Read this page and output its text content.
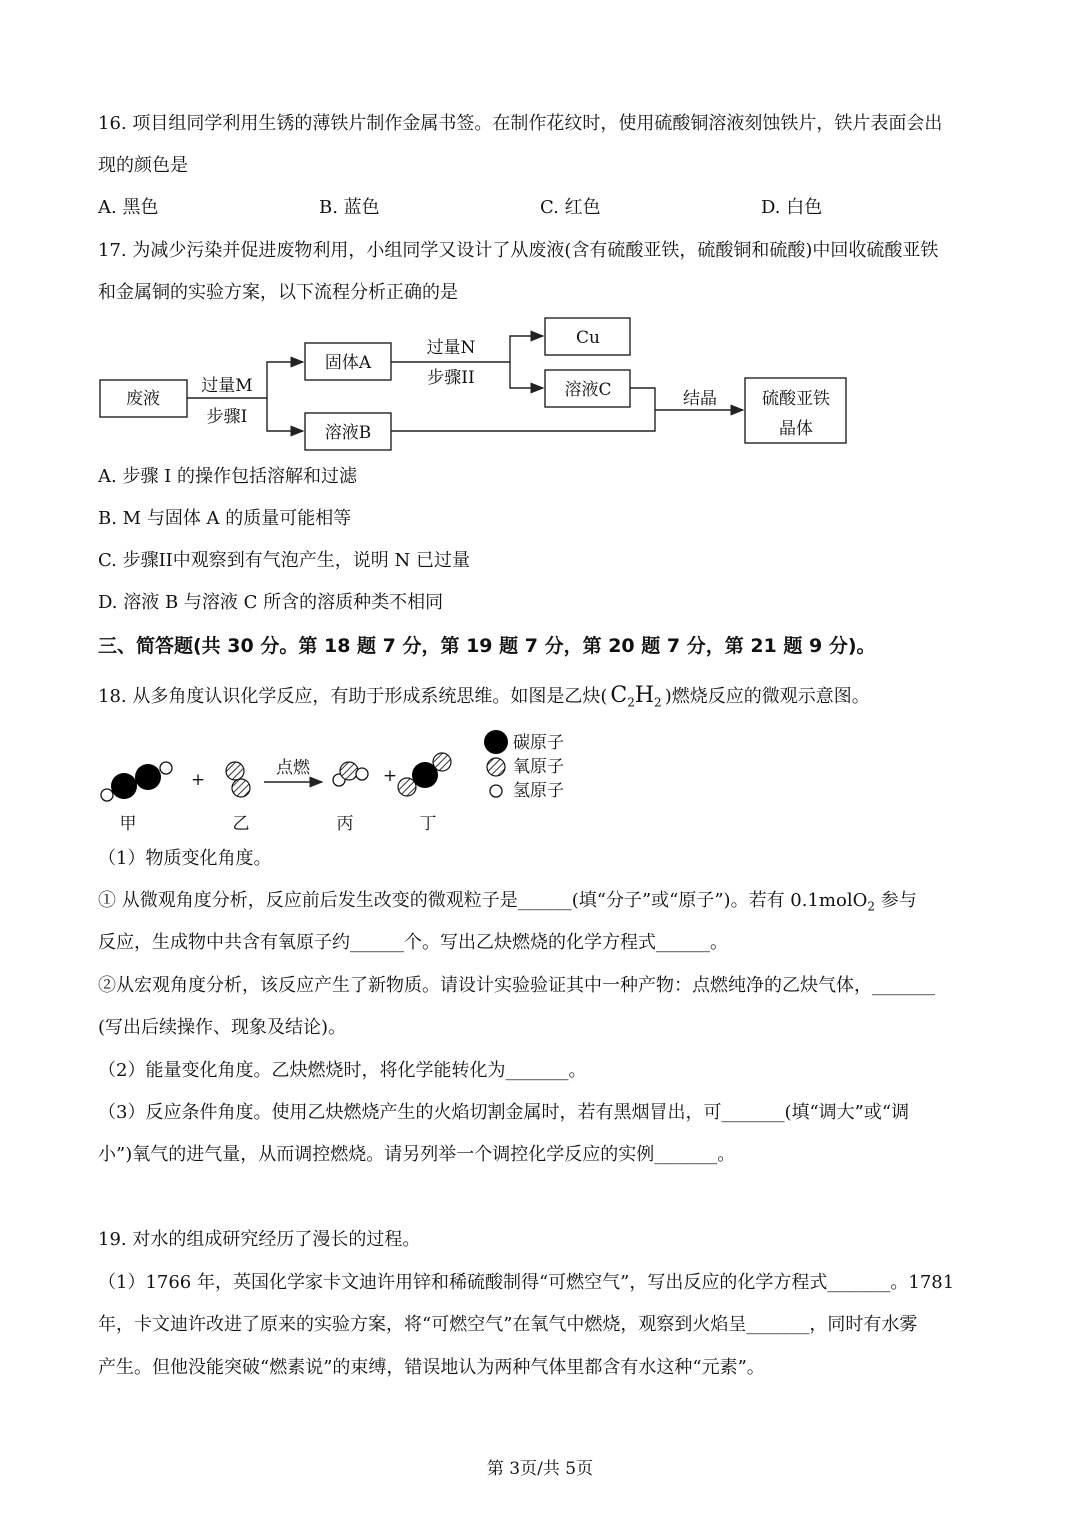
16. 项目组同学利用生锈的薄铁片制作金属书签。在制作花纹时，使用硫酸铜溶液刻蚀铁片，铁片表面会出
现的颜色是
A. 黑色	B. 蓝色	C. 红色	D. 白色
17. 为减少污染并促进废物利用，小组同学又设计了从废液(含有硫酸亚铁，硫酸铜和硫酸)中回收硫酸亚铁
和金属铜的实验方案，以下流程分析正确的是
废液
过量M
步骤I
固体A
溶液B
过量N
步骤II
Cu
溶液C	结晶	硫酸亚铁
晶体
A. 步骤 I 的操作包括溶解和过滤
B. M 与固体 A 的质量可能相等
C. 步骤II中观察到有气泡产生，说明 N 已过量
D. 溶液 B 与溶液 C 所含的溶质种类不相同
三、简答题(共 30 分。第 18 题 7 分，第 19 题 7 分，第 20 题 7 分，第 21 题 9 分)。
18. 从多角度认识化学反应，有助于形成系统思维。如图是乙炔( $C_2H_2$ )燃烧反应的微观示意图。
+
点燃	+
甲	乙	丙	丁
碳原子
氧原子
氢原子
（1）物质变化角度。
① 从微观角度分析，反应前后发生改变的微观粒子是______(填“分子”或“原子”)。若有 0.1molO$_2$ 参与
反应，生成物中共含有氧原子约______个。写出乙炔燃烧的化学方程式______。
②从宏观角度分析，该反应产生了新物质。请设计实验验证其中一种产物：点燃纯净的乙炔气体，_______
(写出后续操作、现象及结论)。
（2）能量变化角度。乙炔燃烧时，将化学能转化为_______。
（3）反应条件角度。使用乙炔燃烧产生的火焰切割金属时，若有黑烟冒出，可_______(填“调大”或“调
小”)氧气的进气量，从而调控燃烧。请另列举一个调控化学反应的实例_______。
19. 对水的组成研究经历了漫长的过程。
（1）1766 年，英国化学家卡文迪许用锌和稀硫酸制得“可燃空气”，写出反应的化学方程式_______。1781
年，卡文迪许改进了原来的实验方案，将“可燃空气”在氧气中燃烧，观察到火焰呈_______，同时有水雾
产生。但他没能突破“燃素说”的束缚，错误地认为两种气体里都含有水这种“元素”。
第 3页/共 5页
